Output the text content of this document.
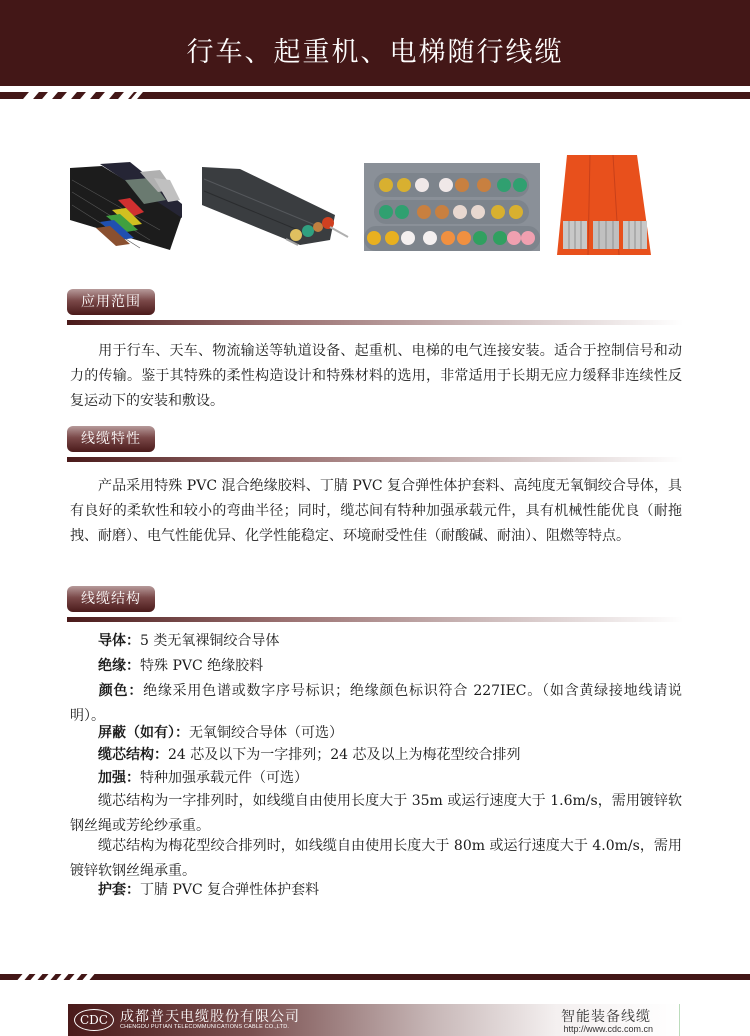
行车、起重机、电梯随行线缆
应用范围
用于行车、天车、物流输送等轨道设备、起重机、电梯的电气连接安装。适合于控制信号和动力的传输。鉴于其特殊的柔性构造设计和特殊材料的选用，非常适用于长期无应力缓释非连续性反复运动下的安装和敷设。
线缆特性
产品采用特殊 PVC 混合绝缘胶料、丁腈 PVC 复合弹性体护套料、高纯度无氧铜绞合导体，具有良好的柔软性和较小的弯曲半径；同时，缆芯间有特种加强承载元件，具有机械性能优良（耐拖拽、耐磨）、电气性能优异、化学性能稳定、环境耐受性佳（耐酸碱、耐油）、阻燃等特点。
线缆结构
导体：5 类无氧裸铜绞合导体
绝缘：特殊 PVC 绝缘胶料
颜色：绝缘采用色谱或数字序号标识；绝缘颜色标识符合 227IEC。（如含黄绿接地线请说明）。
屏蔽（如有）：无氧铜绞合导体（可选）
缆芯结构：24 芯及以下为一字排列；24 芯及以上为梅花型绞合排列
加强：特种加强承载元件（可选）
缆芯结构为一字排列时，如线缆自由使用长度大于 35m 或运行速度大于 1.6m/s，需用镀锌软钢丝绳或芳纶纱承重。
缆芯结构为梅花型绞合排列时，如线缆自由使用长度大于 80m 或运行速度大于 4.0m/s，需用镀锌软钢丝绳承重。
护套：丁腈 PVC 复合弹性体护套料
CDC 成都普天电缆股份有限公司
CHENGDU PUTIAN TELECOMMUNICATIONS CABLE CO.,LTD.
智能装备线缆
http://www.cdc.com.cn
